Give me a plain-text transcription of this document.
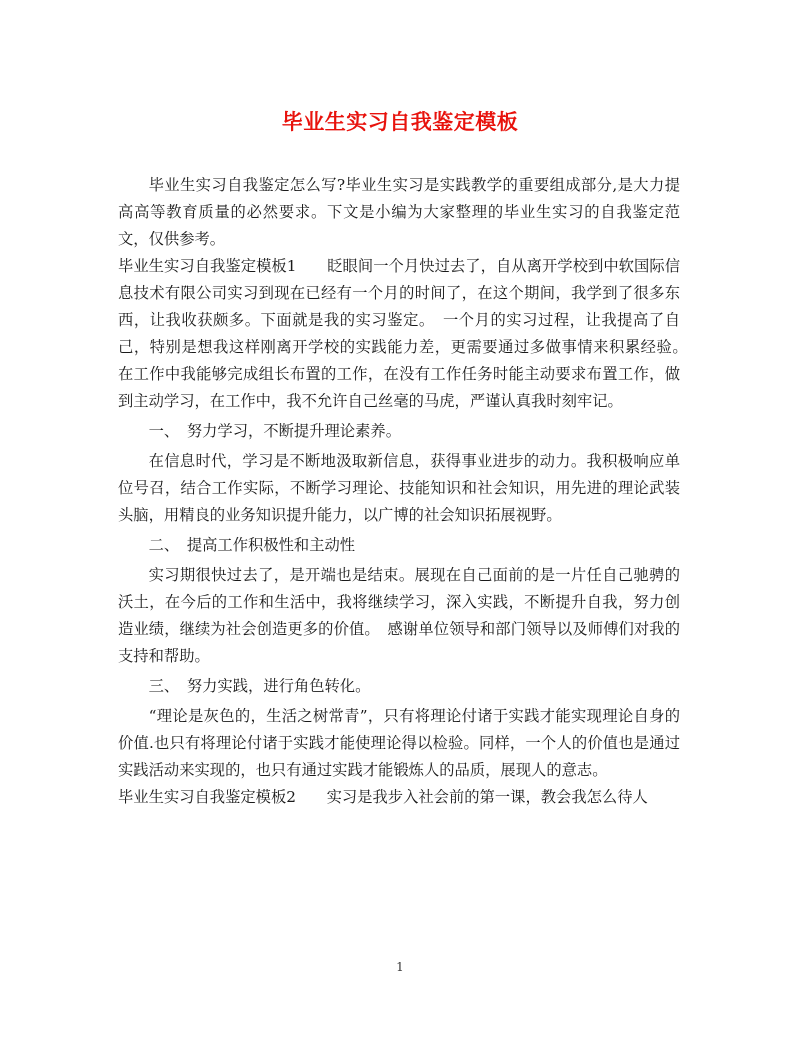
毕业生实习自我鉴定模板

毕业生实习自我鉴定怎么写?毕业生实习是实践教学的重要组成部分,是大力提高高等教育质量的必然要求。下文是小编为大家整理的毕业生实习的自我鉴定范文，仅供参考。

毕业生实习自我鉴定模板1　　眨眼间一个月快过去了，自从离开学校到中软国际信息技术有限公司实习到现在已经有一个月的时间了，在这个期间，我学到了很多东西，让我收获颇多。下面就是我的实习鉴定。　一个月的实习过程，让我提高了自己，特别是想我这样刚离开学校的实践能力差，更需要通过多做事情来积累经验。　在工作中我能够完成组长布置的工作，在没有工作任务时能主动要求布置工作，做到主动学习，在工作中，我不允许自己丝毫的马虎，严谨认真我时刻牢记。

一、　努力学习，不断提升理论素养。

在信息时代，学习是不断地汲取新信息，获得事业进步的动力。我积极响应单位号召，结合工作实际，不断学习理论、技能知识和社会知识，用先进的理论武装头脑，用精良的业务知识提升能力，以广博的社会知识拓展视野。

二、　提高工作积极性和主动性

实习期很快过去了，是开端也是结束。展现在自己面前的是一片任自己驰骋的沃土，在今后的工作和生活中，我将继续学习，深入实践，不断提升自我，努力创造业绩，继续为社会创造更多的价值。　感谢单位领导和部门领导以及师傅们对我的支持和帮助。

三、　努力实践，进行角色转化。

“理论是灰色的，生活之树常青”，只有将理论付诸于实践才能实现理论自身的价值.也只有将理论付诸于实践才能使理论得以检验。同样，一个人的价值也是通过实践活动来实现的，也只有通过实践才能锻炼人的品质，展现人的意志。

毕业生实习自我鉴定模板2　　实习是我步入社会前的第一课，教会我怎么待人

1
